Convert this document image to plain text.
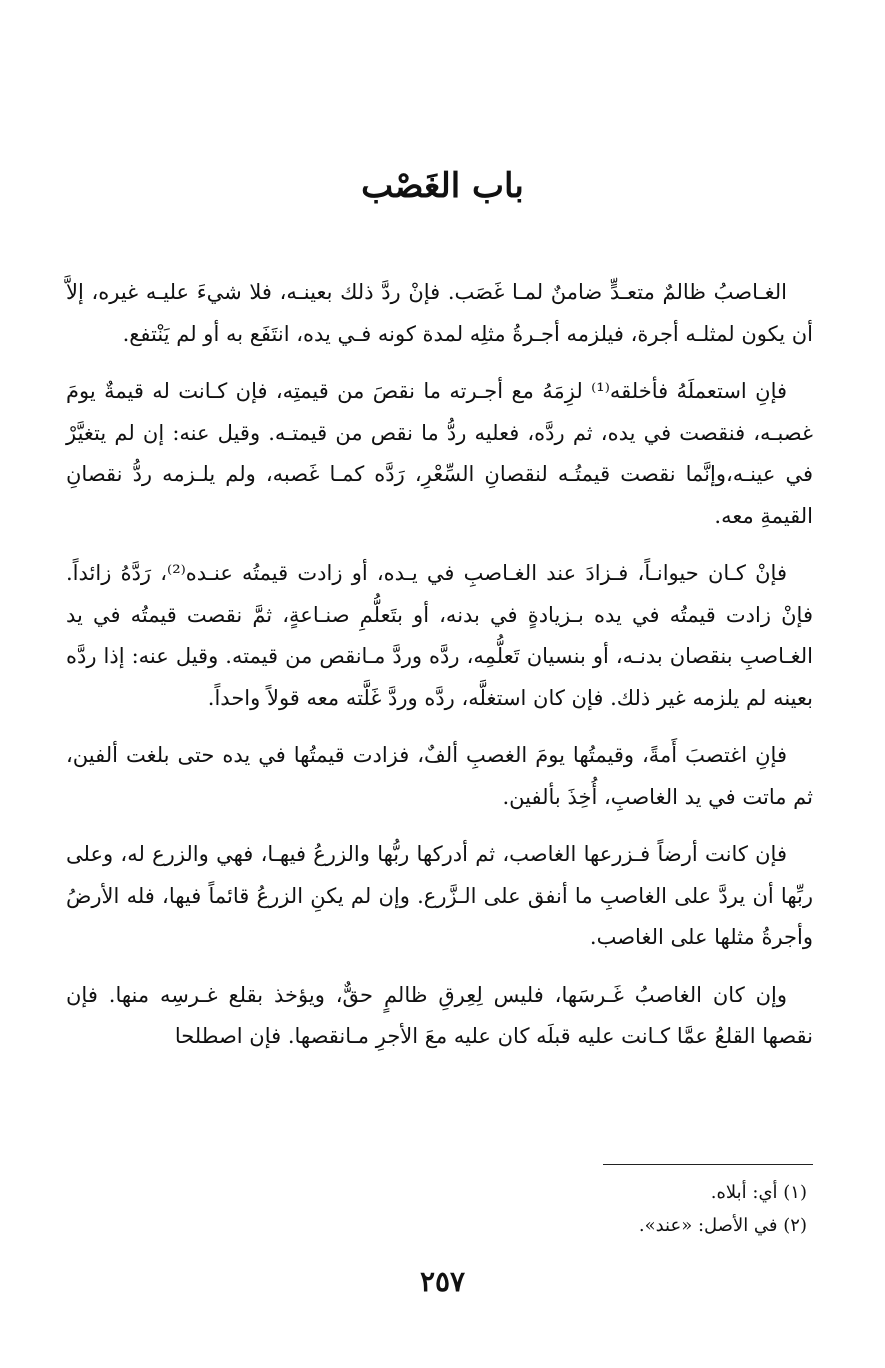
باب الغَصْب

الغـاصبُ ظالمٌ متعـدٍّ ضامنٌ لمـا غَصَب. فإنْ ردَّ ذلك بعينـه، فلا شيءَ عليـه غيره، إلاَّ أن يكون لمثلـه أجرة، فيلزمه أجـرةُ مثلِه لمدة كونه فـي يده، انتَفَع به أو لم يَنْتفع.

فإنِ استعملَهُ فأخلقه⁽¹⁾ لزِمَهُ مع أجـرته ما نقصَ من قيمتِه، فإن كـانت له قيمةٌ يومَ غصبـه، فنقصت في يده، ثم ردَّه، فعليه ردُّ ما نقص من قيمتـه. وقيل عنه: إن لم يتغيَّرْ في عينـه،وإنَّما نقصت قيمتُـه لنقصانِ السِّعْرِ، رَدَّه كمـا غَصبه، ولم يلـزمه ردُّ نقصانِ القيمةِ معه.

فإنْ كـان حيوانـاً، فـزادَ عند الغـاصبِ في يـده، أو زادت قيمتُه عنـده⁽²⁾، رَدَّهُ زائداً. فإنْ زادت قيمتُه في يده بـزيادةٍ في بدنه، أو بتَعلُّمِ صنـاعةٍ، ثمَّ نقصت قيمتُه في يد الغـاصبِ بنقصان بدنـه، أو بنسيان تَعلُّمِه، ردَّه وردَّ مـانقص من قيمته. وقيل عنه: إذا ردَّه بعينه لم يلزمه غير ذلك. فإن كان استغلَّه، ردَّه وردَّ غَلَّته معه قولاً واحداً.

فإنِ اغتصبَ أَمةً، وقيمتُها يومَ الغصبِ ألفٌ، فزادت قيمتُها في يده حتى بلغت ألفين، ثم ماتت في يد الغاصبِ، أُخِذَ بألفين.

فإن كانت أرضاً فـزرعها الغاصب، ثم أدركها ربُّها والزرعُ فيهـا، فهي والزرع له، وعلى ربِّها أن يردَّ على الغاصبِ ما أنفق على الـزَّرع. وإن لم يكنِ الزرعُ قائماً فيها، فله الأرضُ وأجرةُ مثلها على الغاصب.

وإن كان الغاصبُ غَـرسَها، فليس لِعِرقِ ظالمٍ حقٌّ، ويؤخذ بقلع غـرسِه منها. فإن نقصها القلعُ عمَّا كـانت عليه قبلَه كان عليه معَ الأجرِ مـانقصها. فإن اصطلحا

(١) أي: أبلاه.

(٢) في الأصل: «عند».

٢٥٧
